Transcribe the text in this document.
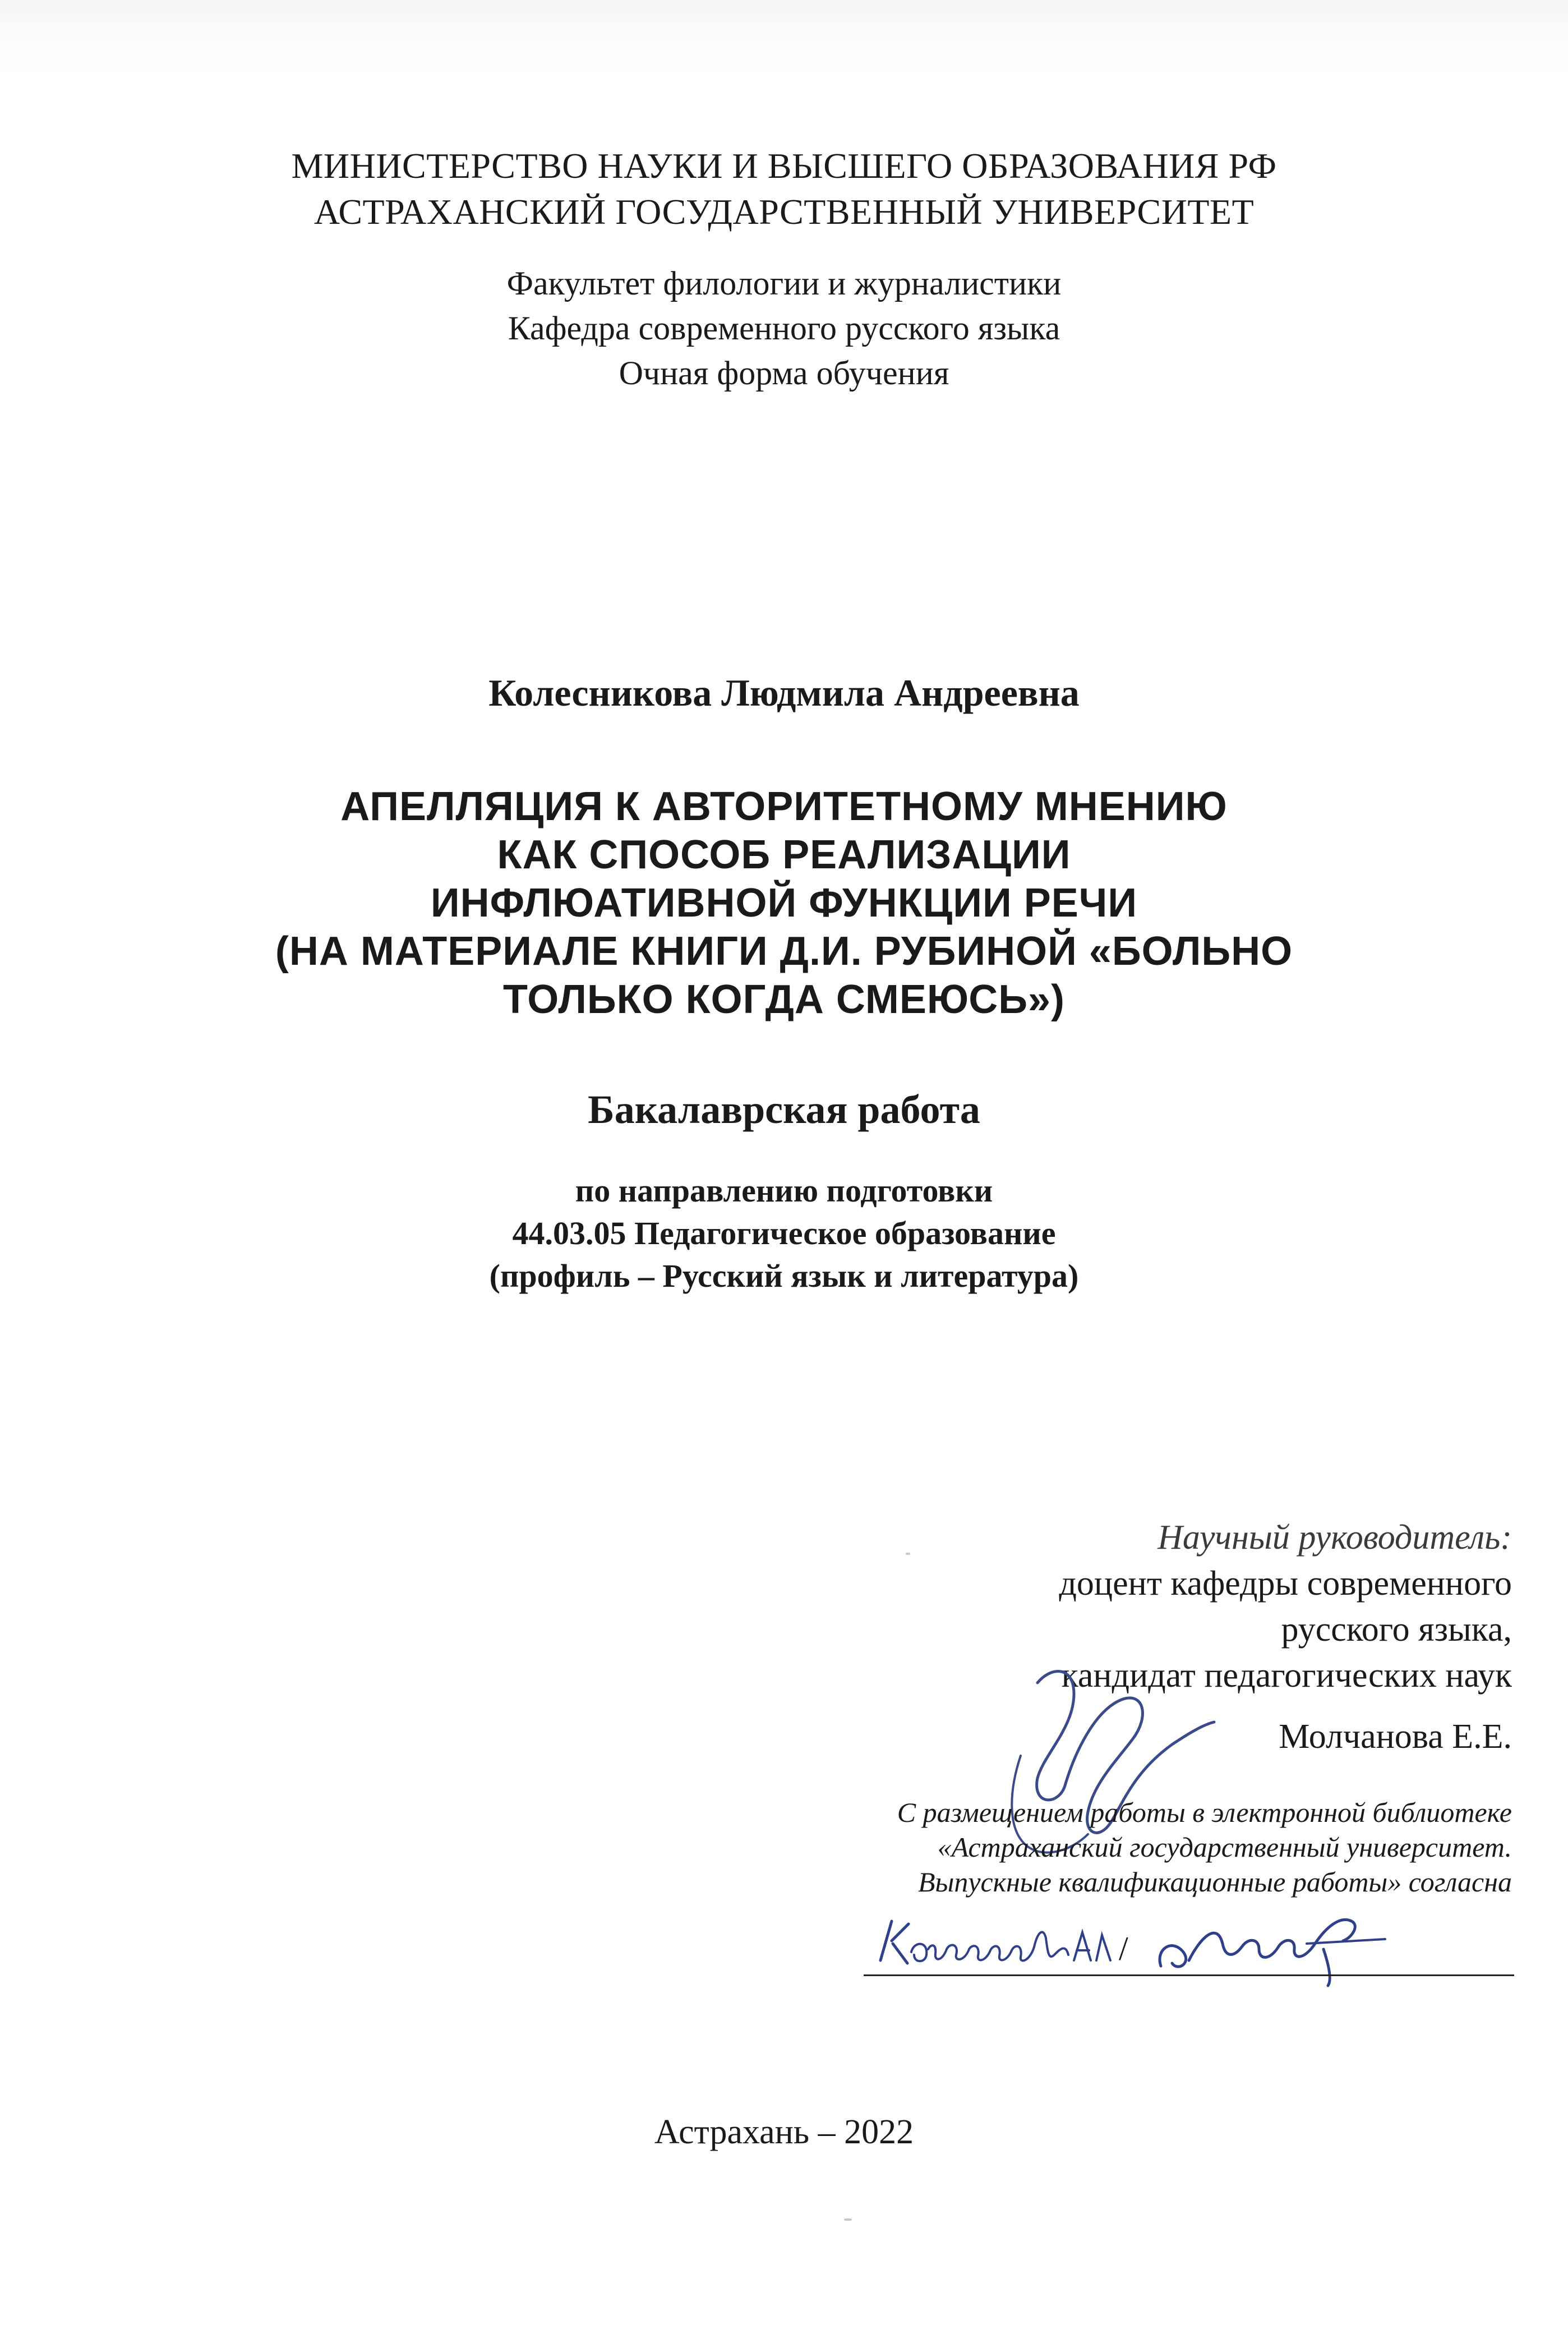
МИНИСТЕРСТВО НАУКИ И ВЫСШЕГО ОБРАЗОВАНИЯ РФ
АСТРАХАНСКИЙ ГОСУДАРСТВЕННЫЙ УНИВЕРСИТЕТ
Факультет филологии и журналистики
Кафедра современного русского языка
Очная форма обучения
Колесникова Людмила Андреевна
АПЕЛЛЯЦИЯ К АВТОРИТЕТНОМУ МНЕНИЮ
КАК СПОСОБ РЕАЛИЗАЦИИ
ИНФЛЮАТИВНОЙ ФУНКЦИИ РЕЧИ
(НА МАТЕРИАЛЕ КНИГИ Д.И. РУБИНОЙ «БОЛЬНО
ТОЛЬКО КОГДА СМЕЮСЬ»)
Бакалаврская работа
по направлению подготовки
44.03.05 Педагогическое образование
(профиль – Русский язык и литература)
Научный руководитель:
доцент кафедры современного
русского языка,
кандидат педагогических наук
Молчанова Е.Е.
С размещением работы в электронной библиотеке
«Астраханский государственный университет.
Выпускные квалификационные работы» согласна
/
Астрахань – 2022
